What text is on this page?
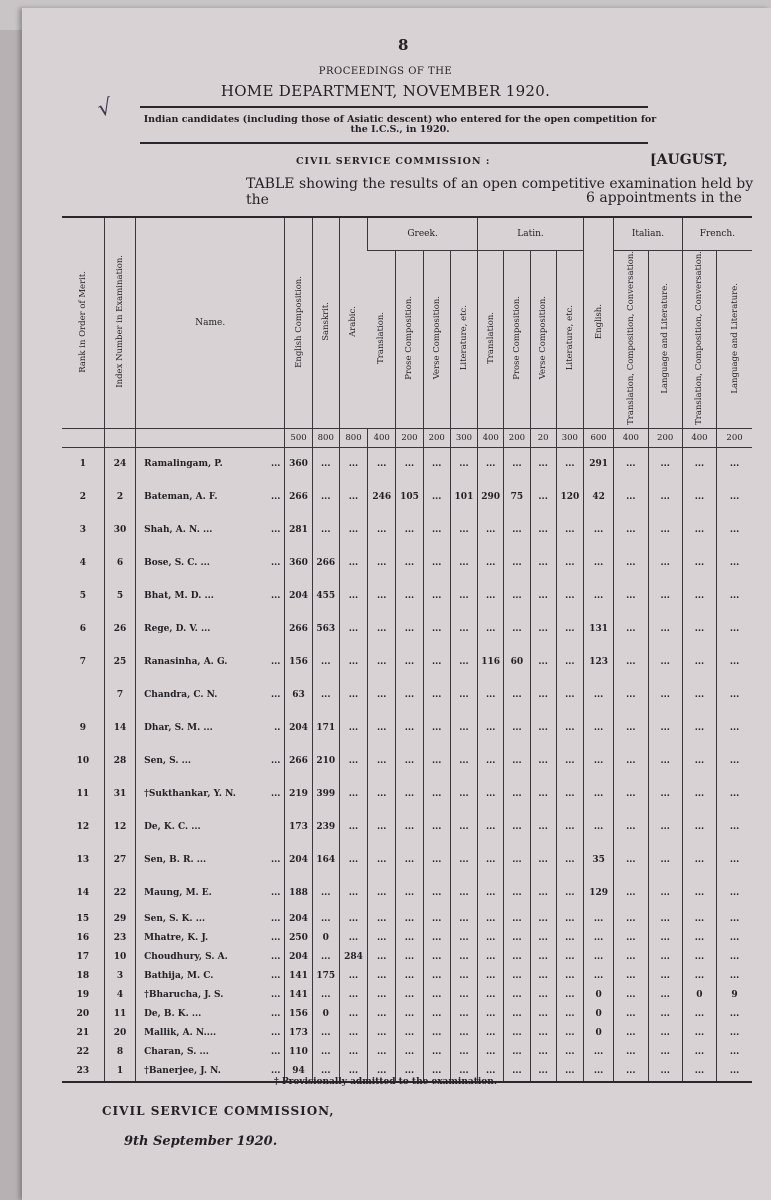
8
PROCEEDINGS OF THE
HOME DEPARTMENT, NOVEMBER 1920.
√	Indian candidates (including those of Asiatic descent) who entered for the open competition for the I.C.S., in 1920.
CIVIL SERVICE COMMISSION :	[AUGUST,
TABLE showing the results of an open competitive examination held by the	6 appointments in the
Rank in Order of Merit.	Index Number in Examination.	Name.	English Composition.	Sanskrit.	Arabic.	Greek.				Latin.				English.	Italian.		French.	
						Translation.	Prose Composition.	Verse Composition.	Literature, etc.	Translation.	Prose Composition.	Verse Composition.	Literature, etc.		Translation, Composition, Conversation.	Language and Literature.	Translation, Composition, Conversation.	Language and Literature.
			500	800	800	400	200	200	300	400	200	20	300	600	400	200	400	200
1	24	Ramalingam, P. ...	360	...	...	...	...	...	...	...	...	...	...	291	...	...	...	...
2	2	Bateman, A. F. ...	266	...	...	246	105	...	101	290	75	...	120	42	...	...	...	...
3	30	Shah, A. N. ... ...	281	...	...	...	...	...	...	...	...	...	...	...	...	...	...	...
4	6	Bose, S. C. ... ...	360	266	...	...	...	...	...	...	...	...	...	...	...	...	...	...
5	5	Bhat, M. D. ... ...	204	455	...	...	...	...	...	...	...	...	...	...	...	...	...	...
6	26	Rege, D. V. ...	266	563	...	...	...	...	...	...	...	...	...	131	...	...	...	...
7	25	Ranasinha, A. G. ...	156	...	...	...	...	...	...	116	60	...	...	123	...	...	...	...
	7	Chandra, C. N. ...	63	...	...	...	...	...	...	...	...	...	...	...	...	...	...	...
9	14	Dhar, S. M. ... ..	204	171	...	...	...	...	...	...	...	...	...	...	...	...	...	...
10	28	Sen, S. ... ...	266	210	...	...	...	...	...	...	...	...	...	...	...	...	...	...
11	31	†Sukthankar, Y. N. ...	219	399	...	...	...	...	...	...	...	...	...	...	...	...	...	...
12	12	De, K. C. ...	173	239	...	...	...	...	...	...	...	...	...	...	...	...	...	...
13	27	Sen, B. R. ... ...	204	164	...	...	...	...	...	...	...	...	...	35	...	...	...	...
14	22	Maung, M. E. ...	188	...	...	...	...	...	...	...	...	...	...	129	...	...	...	...
15	29	Sen, S. K. ... ...	204	...	...	...	...	...	...	...	...	...	...	...	...	...	...	...
16	23	Mhatre, K. J. ...	250	0	...	...	...	...	...	...	...	...	...	...	...	...	...	...
17	10	Choudhury, S. A. ...	204	...	284	...	...	...	...	...	...	...	...	...	...	...	...	...
18	3	Bathija, M. C. ...	141	175	...	...	...	...	...	...	...	...	...	...	...	...	...	...
19	4	†Bharucha, J. S. ...	141	...	...	...	...	...	...	...	...	...	...	0	...	...	0	9
20	11	De, B. K. ... ...	156	0	...	...	...	...	...	...	...	...	...	0	...	...	...	...
21	20	Mallik, A. N.... ...	173	...	...	...	...	...	...	...	...	...	...	0	...	...	...	...
22	8	Charan, S. ... ...	110	...	...	...	...	...	...	...	...	...	...	...	...	...	...	...
23	1	†Banerjee, J. N. ...	94	...	...	...	...	...	...	...	...	...	...	...	...	...	...	...
† Provisionally admitted to the examination.
CIVIL SERVICE COMMISSION,
9th September 1920.
